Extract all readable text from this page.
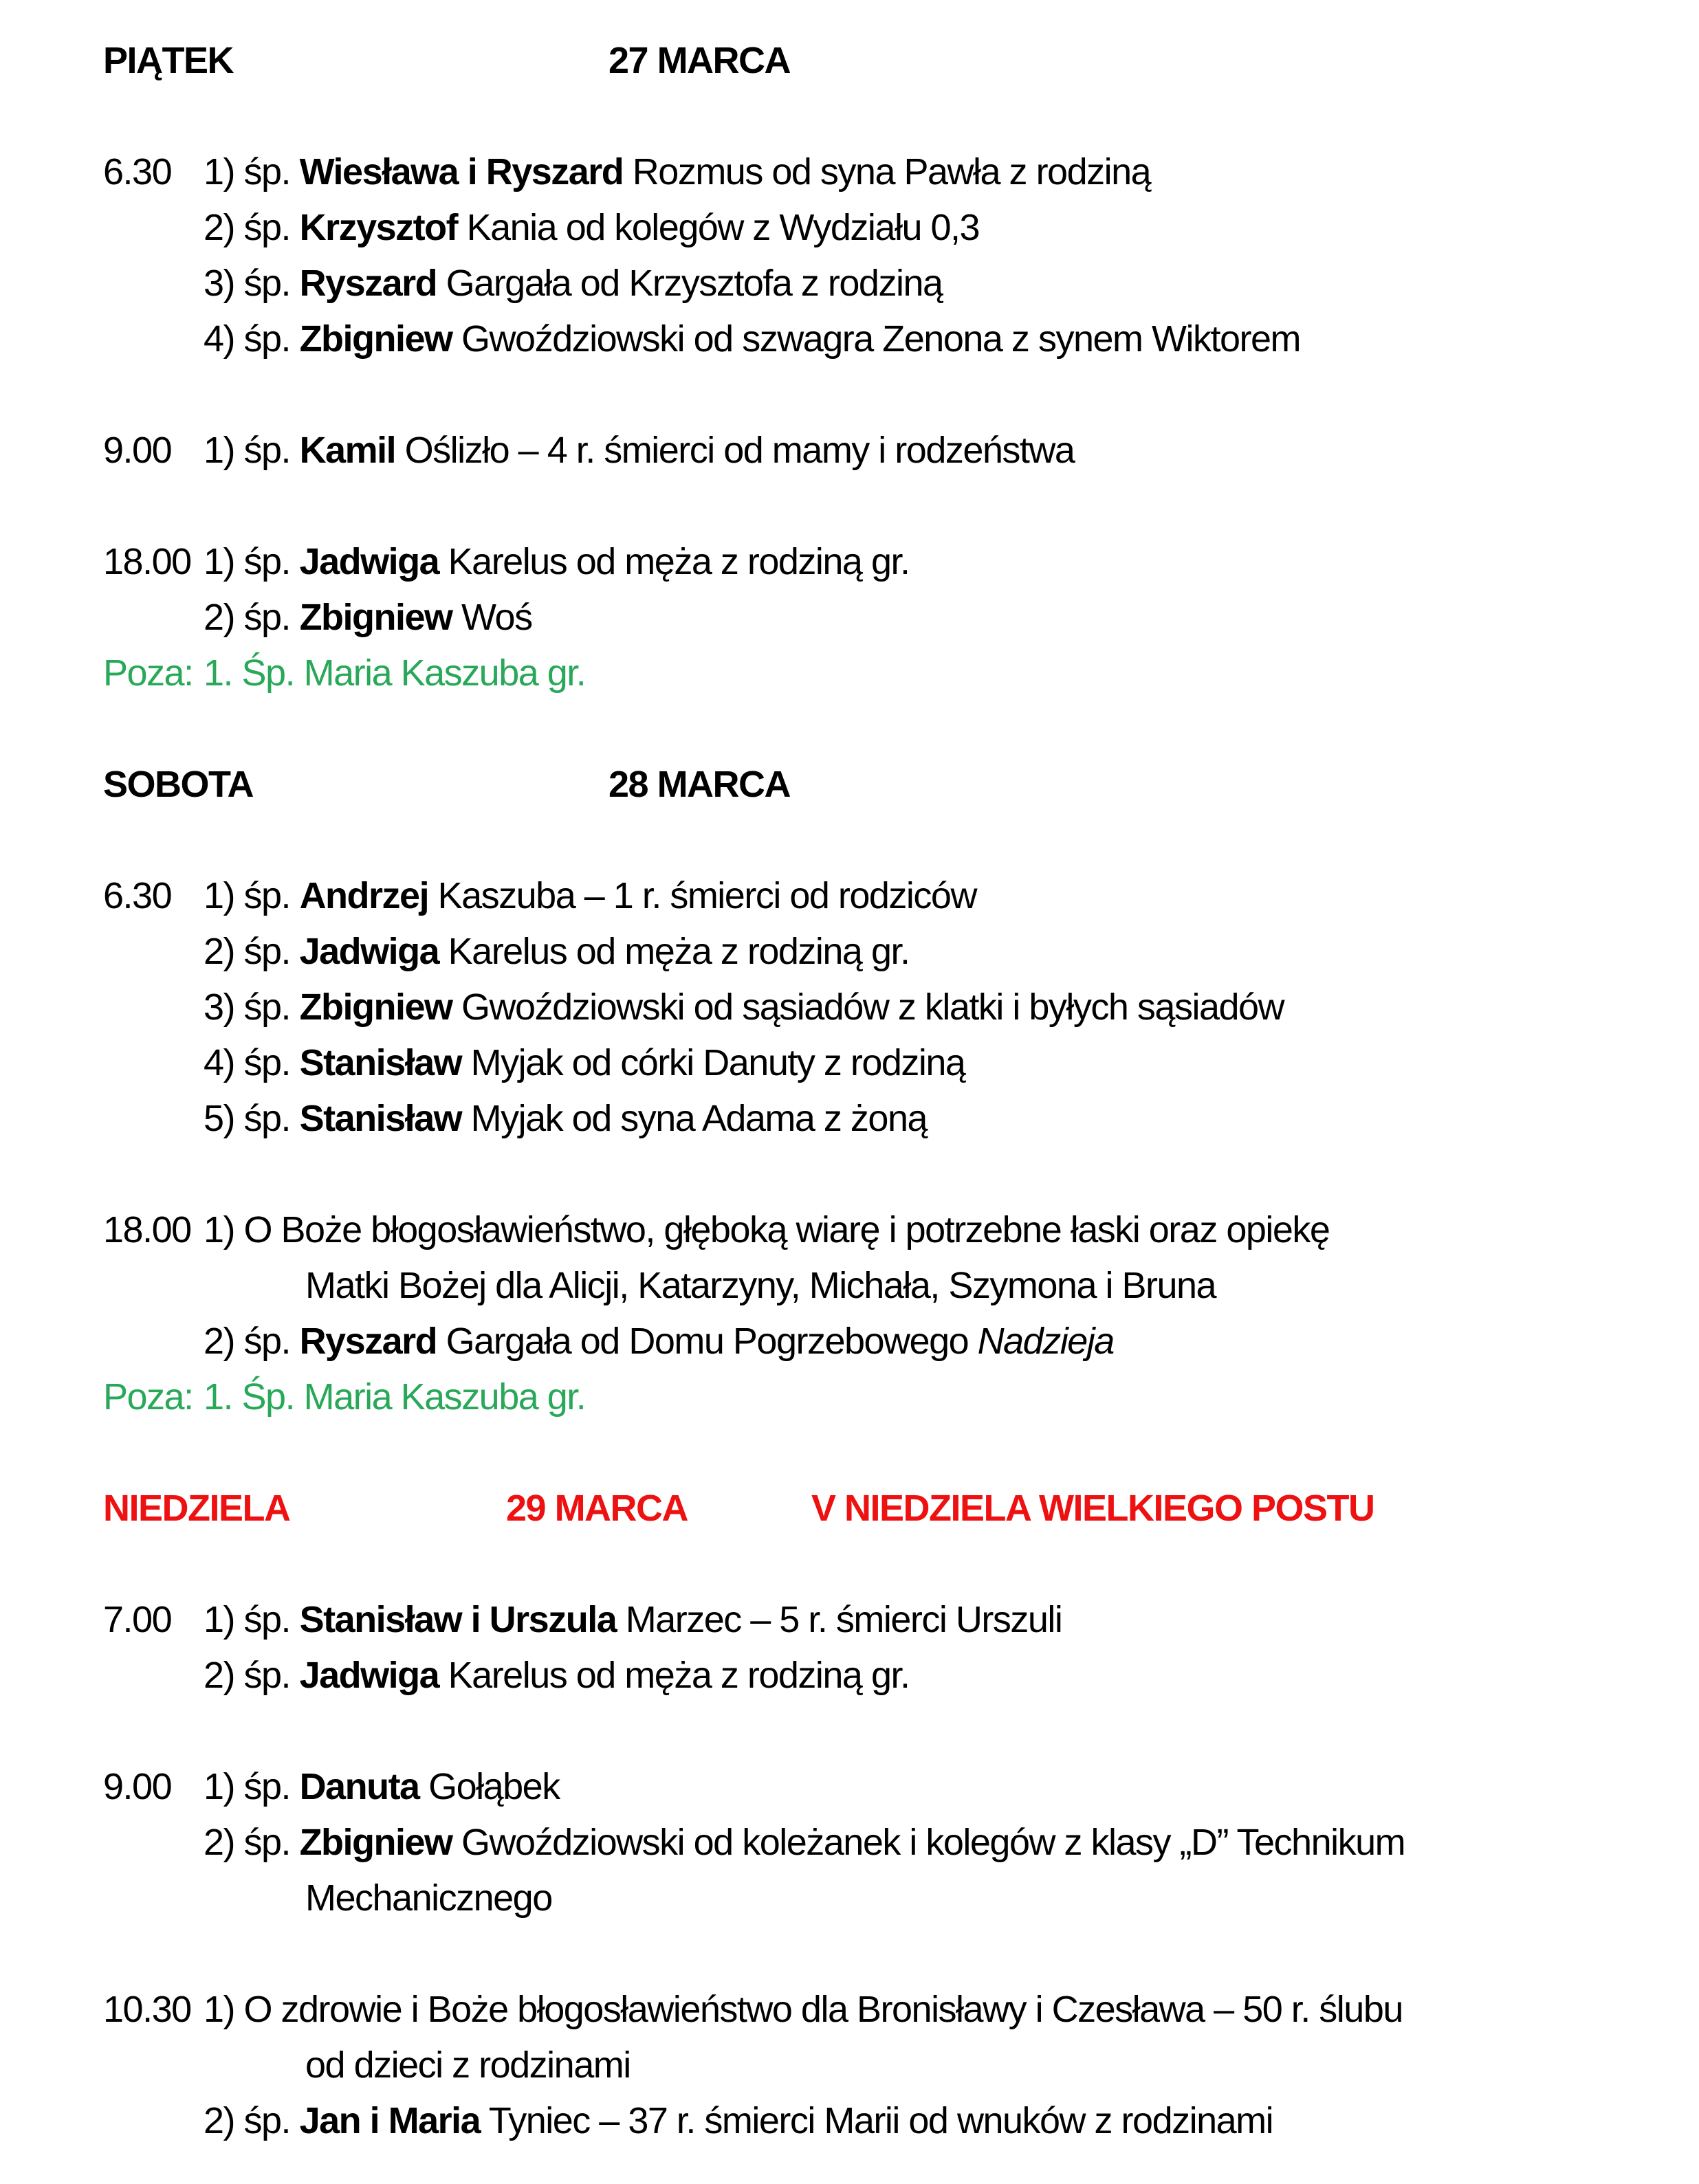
PIĄTEK	27 MARCA
6.30 1) śp. Wiesława i Ryszard Rozmus od syna Pawła z rodziną
2) śp. Krzysztof Kania od kolegów z Wydziału 0,3
3) śp. Ryszard Gargała od Krzysztofa z rodziną
4) śp. Zbigniew Gwoździowski od szwagra Zenona z synem Wiktorem
9.00 1) śp. Kamil Oślizło – 4 r. śmierci od mamy i rodzeństwa
18.00 1) śp. Jadwiga Karelus od męża z rodziną gr.
2) śp. Zbigniew Woś
Poza: 1. Śp. Maria Kaszuba gr.
SOBOTA	28 MARCA
6.30 1) śp. Andrzej Kaszuba – 1 r. śmierci od rodziców
2) śp. Jadwiga Karelus od męża z rodziną gr.
3) śp. Zbigniew Gwoździowski od sąsiadów z klatki i byłych sąsiadów
4) śp. Stanisław Myjak od córki Danuty z rodziną
5) śp. Stanisław Myjak od syna Adama z żoną
18.00 1) O Boże błogosławieństwo, głęboką wiarę i potrzebne łaski oraz opiekę
Matki Bożej dla Alicji, Katarzyny, Michała, Szymona i Bruna
2) śp. Ryszard Gargała od Domu Pogrzebowego Nadzieja
Poza: 1. Śp. Maria Kaszuba gr.
NIEDZIELA	29 MARCA	V NIEDZIELA WIELKIEGO POSTU
7.00 1) śp. Stanisław i Urszula Marzec – 5 r. śmierci Urszuli
2) śp. Jadwiga Karelus od męża z rodziną gr.
9.00 1) śp. Danuta Gołąbek
2) śp. Zbigniew Gwoździowski od koleżanek i kolegów z klasy „D” Technikum
Mechanicznego
10.30 1) O zdrowie i Boże błogosławieństwo dla Bronisławy i Czesława – 50 r. ślubu
od dzieci z rodzinami
2) śp. Jan i Maria Tyniec – 37 r. śmierci Marii od wnuków z rodzinami
